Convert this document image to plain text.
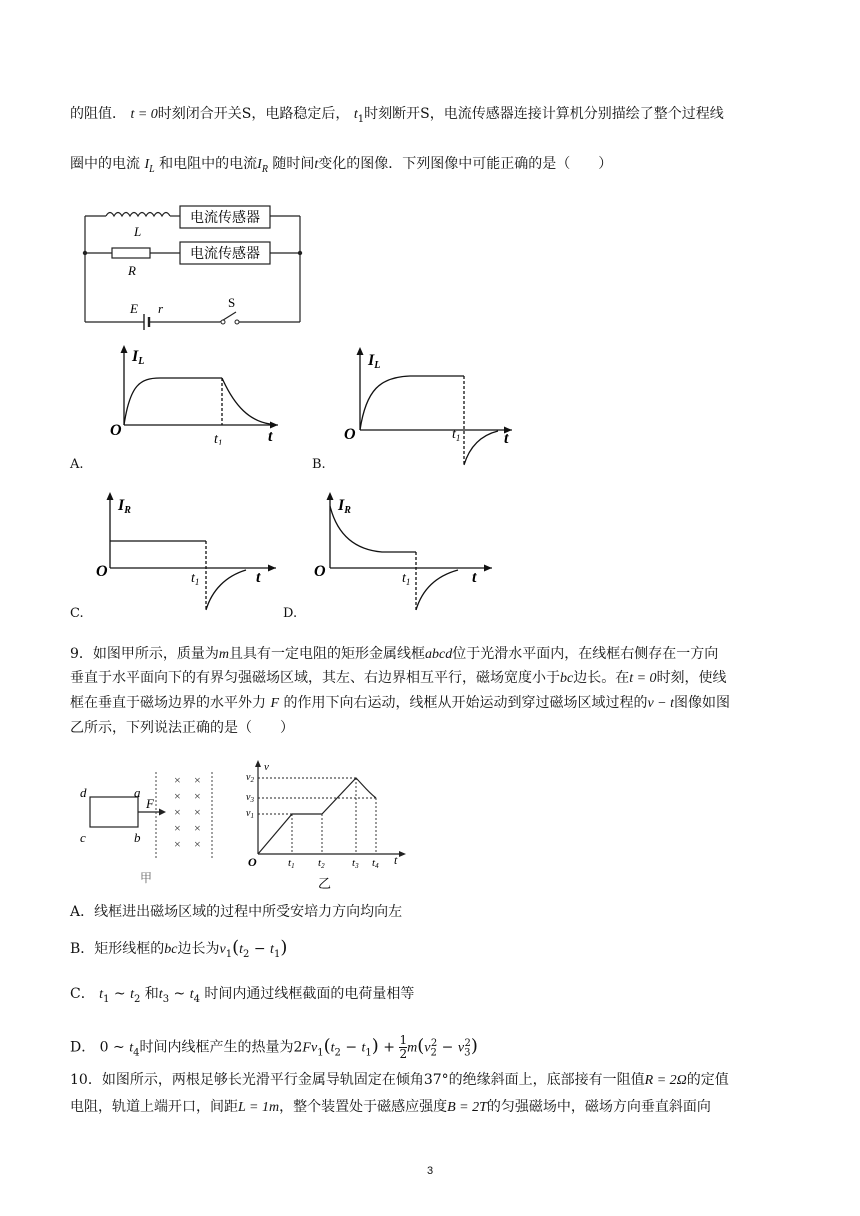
的阻值． t = 0时刻闭合开关S，电路稳定后， $t_1$时刻断开S，电流传感器连接计算机分别描绘了整个过程线
圈中的电流 $I_L$ 和电阻中的电流$I_R$ 随时间t变化的图像．下列图像中可能正确的是（　　）
电流传感器
电流传感器
L
R
E r	S
IL
O
$t_1$	t
A.
IL
O	$t_1$	t
B.
IR
O	$t_1$	t
C.
IR
O	$t_1$	t
D.
9．如图甲所示，质量为m且具有一定电阻的矩形金属线框abcd位于光滑水平面内，在线框右侧存在一方向
垂直于水平面向下的有界匀强磁场区域，其左、右边界相互平行，磁场宽度小于bc边长。在t = 0时刻，使线
框在垂直于磁场边界的水平外力 F 的作用下向右运动，线框从开始运动到穿过磁场区域过程的v − t图像如图
乙所示，下列说法正确的是（　　）
d	a
c	b
F
× ×
× ×
× ×
× ×
× ×
甲
v
$v_2$
$v_3$
$v_1$
O	t1 t2 t3 t4 t
乙
A．线框进出磁场区域的过程中所受安培力方向均向左
B．矩形线框的bc边长为$v_1(t_2 - t_1)$
C． $t_1$ ~ $t_2$ 和$t_3$ ~ $t_4$ 时间内通过线框截面的电荷量相等
D． 0 ~ $t_4$时间内线框产生的热量为$2Fv_1(t_2 - t_1) + \frac{1}{2} m(v_2^2 - v_3^2)$
10．如图所示，两根足够长光滑平行金属导轨固定在倾角37°的绝缘斜面上，底部接有一阻值R = 2Ω的定值
电阻，轨道上端开口，间距L = 1m，整个装置处于磁感应强度B = 2T的匀强磁场中，磁场方向垂直斜面向
3
